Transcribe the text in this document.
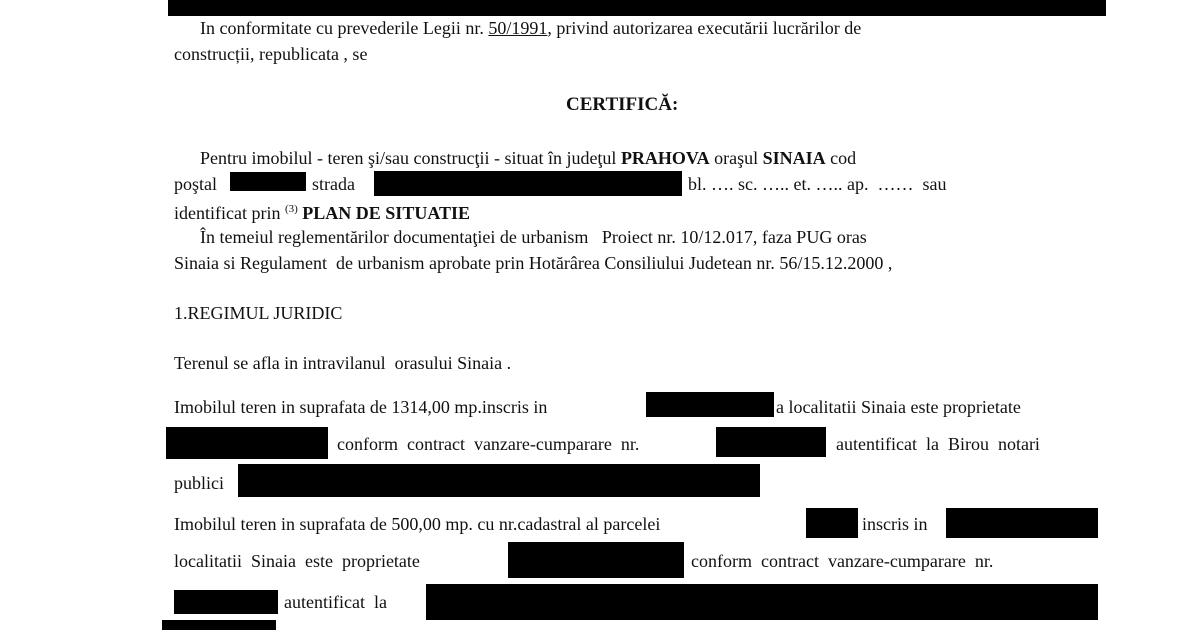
In conformitate cu prevederile Legii nr. 50/1991, privind autorizarea executării lucrărilor de
construcții, republicata , se
CERTIFICĂ:
Pentru imobilul - teren şi/sau construcţii - situat în judeţul PRAHOVA oraşul SINAIA cod
poştal	strada	bl. …. sc. ….. et. ….. ap. …… sau
identificat prin $^{(3)}$ PLAN DE SITUATIE
În temeiul reglementărilor documentaţiei de urbanism   Proiect nr. 10/12.017, faza PUG oras
Sinaia si Regulament  de urbanism aprobate prin Hotărârea Consiliului Judetean nr. 56/15.12.2000 ,
1.REGIMUL JURIDIC
Terenul se afla in intravilanul  orasului Sinaia .
Imobilul teren in suprafata de 1314,00 mp.inscris in	a localitatii Sinaia este proprietate
conform  contract  vanzare-cumparare  nr.	autentificat  la  Birou  notari
publici
Imobilul teren in suprafata de 500,00 mp. cu nr.cadastral al parcelei	inscris in
localitatii  Sinaia  este  proprietate	conform  contract  vanzare-cumparare  nr.
autentificat  la
